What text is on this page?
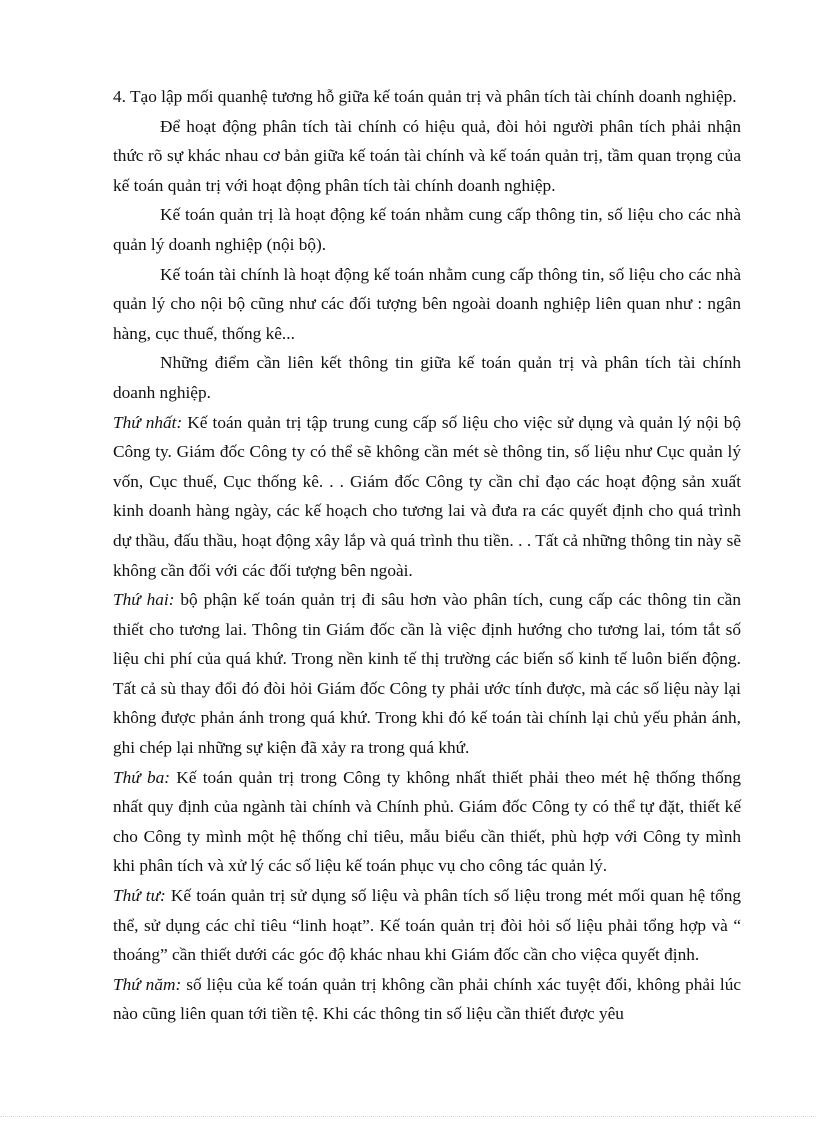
4. Tạo lập mối quanhệ tương hỗ giữa kế toán quản trị và phân tích tài chính doanh nghiệp.

Để hoạt động phân tích tài chính có hiệu quả, đòi hỏi người phân tích phải nhận thức rõ sự khác nhau cơ bản giữa kế toán tài chính và kế toán quản trị, tầm quan trọng của kế toán quản trị với hoạt động phân tích tài chính doanh nghiệp.

Kế toán quản trị là hoạt động kế toán nhằm cung cấp thông tin, số liệu cho các nhà quản lý doanh nghiệp (nội bộ).

Kế toán tài chính là hoạt động kế toán nhằm cung cấp thông tin, số liệu cho các nhà quản lý cho nội bộ cũng như các đối tượng bên ngoài doanh nghiệp liên quan như : ngân hàng, cục thuế, thống kê...

Những điểm cần liên kết thông tin giữa kế toán quản trị và phân tích tài chính doanh nghiệp.

Thứ nhất: Kế toán quản trị tập trung cung cấp số liệu cho việc sử dụng và quản lý nội bộ Công ty. Giám đốc Công ty có thể sẽ không cần mét sè thông tin, số liệu như Cục quản lý vốn, Cục thuế, Cục thống kê. . . Giám đốc Công ty cần chỉ đạo các hoạt động sản xuất kinh doanh hàng ngày, các kế hoạch cho tương lai và đưa ra các quyết định cho quá trình dự thầu, đấu thầu, hoạt động xây lắp và quá trình thu tiền. . . Tất cả những thông tin này sẽ không cần đối với các đối tượng bên ngoài.

Thứ hai: bộ phận kế toán quản trị đi sâu hơn vào phân tích, cung cấp các thông tin cần thiết cho tương lai. Thông tin Giám đốc cần là việc định hướng cho tương lai, tóm tắt số liệu chi phí của quá khứ. Trong nền kinh tế thị trường các biến số kinh tế luôn biến động. Tất cả sù thay đổi đó đòi hỏi Giám đốc Công ty phải ước tính được, mà các số liệu này lại không được phản ánh trong quá khứ. Trong khi đó kế toán tài chính lại chủ yếu phản ánh, ghi chép lại những sự kiện đã xảy ra trong quá khứ.

Thứ ba: Kế toán quản trị trong Công ty không nhất thiết phải theo mét hệ thống thống nhất quy định của ngành tài chính và Chính phủ. Giám đốc Công ty có thể tự đặt, thiết kế cho Công ty mình một hệ thống chỉ tiêu, mẫu biểu cần thiết, phù hợp với Công ty mình khi phân tích và xử lý các số liệu kế toán phục vụ cho công tác quản lý.

Thứ tư: Kế toán quản trị sử dụng số liệu và phân tích số liệu trong mét mối quan hệ tổng thể, sử dụng các chỉ tiêu “linh hoạt”. Kế toán quản trị đòi hỏi số liệu phải tổng hợp và “ thoáng” cần thiết dưới các góc độ khác nhau khi Giám đốc cần cho việca quyết định.

Thứ năm: số liệu của kế toán quản trị không cần phải chính xác tuyệt đối, không phải lúc nào cũng liên quan tới tiền tệ. Khi các thông tin số liệu cần thiết được yêu
